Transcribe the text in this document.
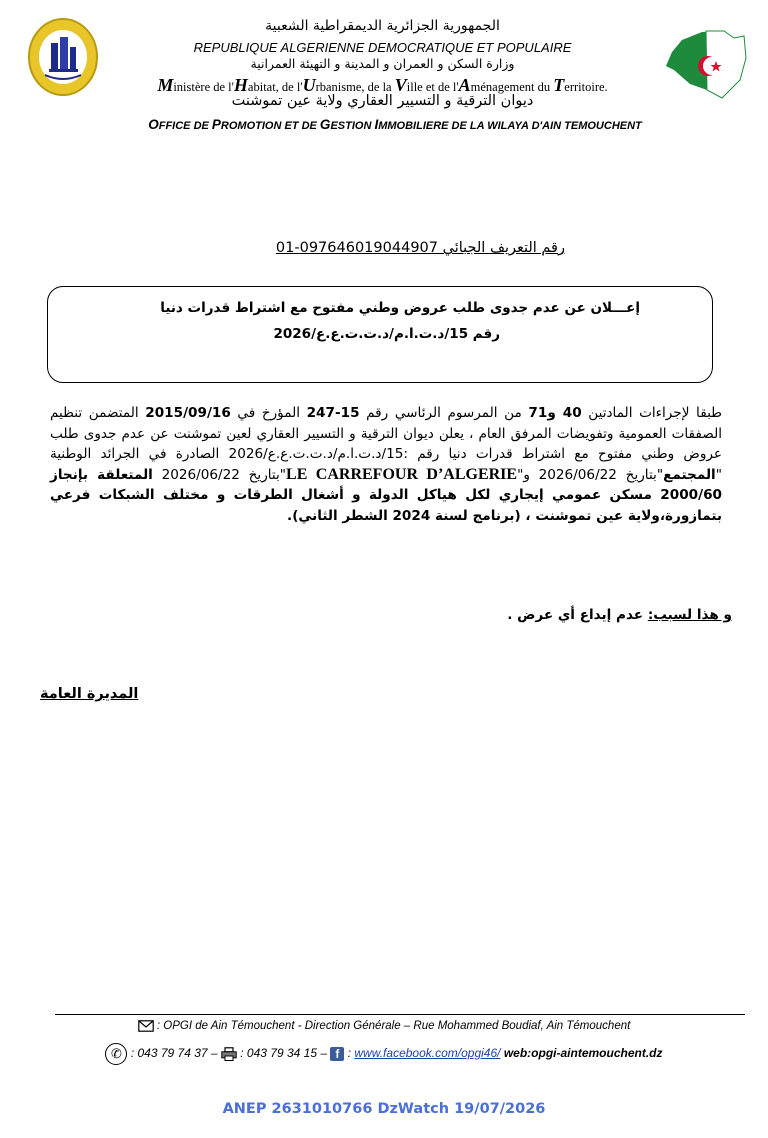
الجمهورية الجزائرية الديمقراطية الشعبية
REPUBLIQUE ALGERIENNE DEMOCRATIQUE ET POPULAIRE
وزارة السكن و العمران و المدينة و التهيئة العمرانية
Ministère de l'Habitat, de l'Urbanisme, de la Ville et de l'Aménagement du Territoire.
ديوان الترقية و التسيير العقاري ولاية عين تموشنت
OFFICE DE PROMOTION ET DE GESTION IMMOBILIERE DE LA WILAYA D'AIN TEMOUCHENT
رقم التعريف الجبائي 097646019044907-01
إعـــلان عن عدم جدوى طلب عروض وطني مفتوح مع اشتراط قدرات دنيا
رقم 15/د.ت.ا.م/د.ت.ت.ع.ع/2026
طبقا لإجراءات المادتين 40 و71 من المرسوم الرئاسي رقم 15-247 المؤرخ في 2015/09/16 المتضمن تنظيم الصفقات العمومية وتفويضات المرفق العام ، يعلن ديوان الترقية و التسيير العقاري لعين تموشنت عن عدم جدوى طلب عروض وطني مفتوح مع اشتراط قدرات دنيا رقم :15/د.ت.ا.م/د.ت.ت.ع.ع/2026 الصادرة في الجرائد الوطنية "المجتمع"بتاريخ 2026/06/22 و"LE CARREFOUR D’ALGERIE"بتاريخ 2026/06/22 المتعلقة بإنجاز 2000/60 مسكن عمومي إيجاري لكل هياكل الدولة و أشغال الطرقات و مختلف الشبكات فرعي بتمازورة،ولاية عين تموشنت ، (برنامج لسنة 2024 الشطر الثاني).
و هذا لسبب: عدم إيداع أي عرض .
المديرة العامة
: OPGI de Ain Témouchent - Direction Générale – Rue Mohammed Boudiaf, Ain Témouchent
✆ : 043 79 74 37 – : 043 79 34 15 – f : www.facebook.com/opgi46/ web:opgi-aintemouchent.dz
ANEP 2631010766 DzWatch 19/07/2026
